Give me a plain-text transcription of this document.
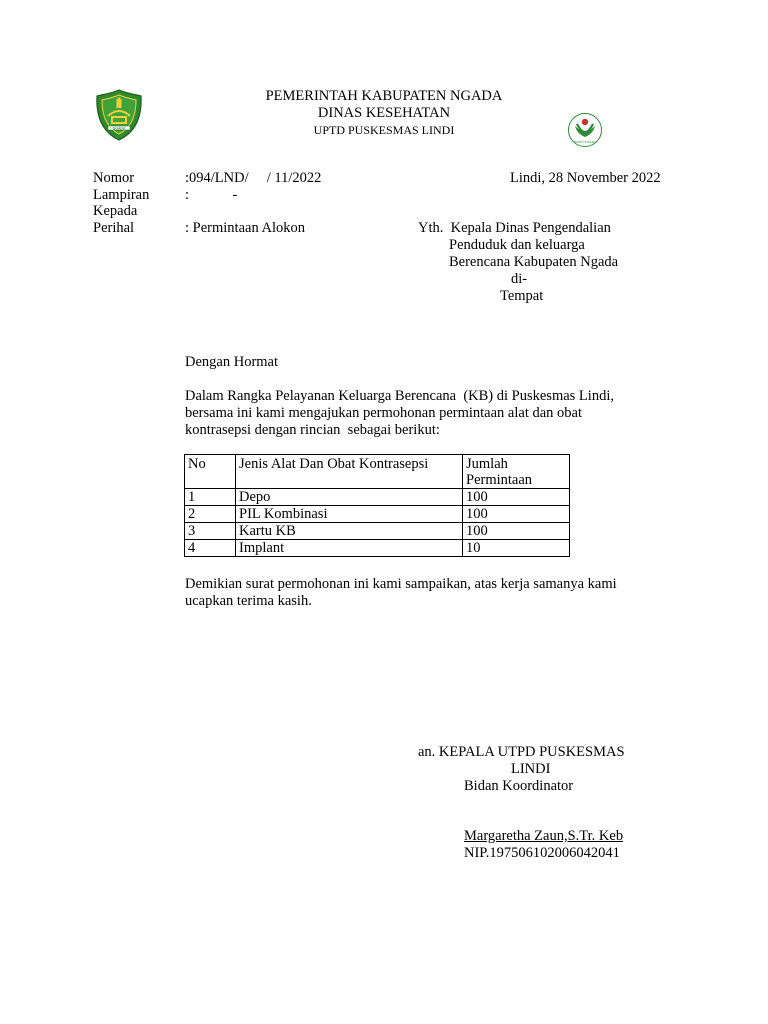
NGADA
BAKTI HUSADA
PEMERINTAH KABUPATEN NGADA
DINAS KESEHATAN
UPTD PUSKESMAS LINDI
Nomor	:094/LND/     / 11/2022	Lindi, 28 November 2022
Lampiran :            -
Kepada
Perihal	: Permintaan Alokon	Yth.  Kepala Dinas Pengendalian
Penduduk dan keluarga
Berencana Kabupaten Ngada
di-
Tempat
Dengan Hormat
Dalam Rangka Pelayanan Keluarga Berencana  (KB) di Puskesmas Lindi,
bersama ini kami mengajukan permohonan permintaan alat dan obat
kontrasepsi dengan rincian  sebagai berikut:
No	Jenis Alat Dan Obat Kontrasepsi	Jumlah Permintaan
1	Depo	100
2	PIL Kombinasi	100
3	Kartu KB	100
4	Implant	10
Demikian surat permohonan ini kami sampaikan, atas kerja samanya kami
ucapkan terima kasih.
an. KEPALA UTPD PUSKESMAS
LINDI
Bidan Koordinator
Margaretha Zaun,S.Tr. Keb
NIP.197506102006042041
